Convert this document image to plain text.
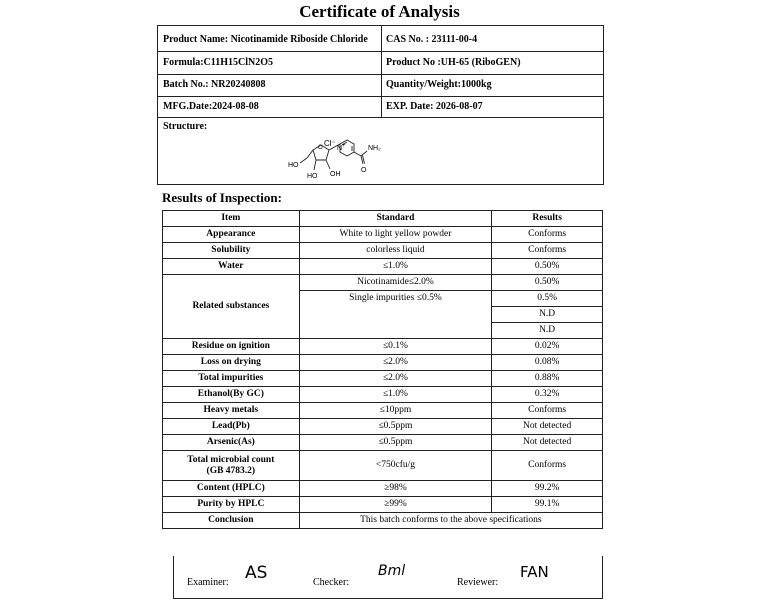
Certificate of Analysis
Product Name: Nicotinamide Riboside Chloride CAS No. : 23111-00-4
Formula:C11H15ClN2O5	Product No :UH-65 (RiboGEN)
Batch No.: NR20240808	Quantity/Weight:1000kg
MFG.Date:2024-08-08	EXP. Date: 2026-08-07
Structure:
Cl⁻
N +
O
HO
HO OH
O
NH₂
Results of Inspection:
Item	Standard	Results
Appearance	White to light yellow powder	Conforms
Solubility	colorless liquid	Conforms
Water	≤1.0%	0.50%
Related substances	Nicotinamide≤2.0%	0.50%
	Single impurities ≤0.5%	0.5%
		N.D
		N.D
Residue on ignition	≤0.1%	0.02%
Loss on drying	≤2.0%	0.08%
Total impurities	≤2.0%	0.88%
Ethanol(By GC)	≤1.0%	0.32%
Heavy metals	≤10ppm	Conforms
Lead(Pb)	≤0.5ppm	Not detected
Arsenic(As)	≤0.5ppm	Not detected

Total microbial count
(GB 4783.2)	<750cfu/g	Conforms
Content (HPLC)	≥98%	99.2%
Purity by HPLC	≥99%	99.1%
Conclusion	This batch conforms to the above specifications	
Examiner: AS	Checker:
Bml
Reviewer:
FAN
